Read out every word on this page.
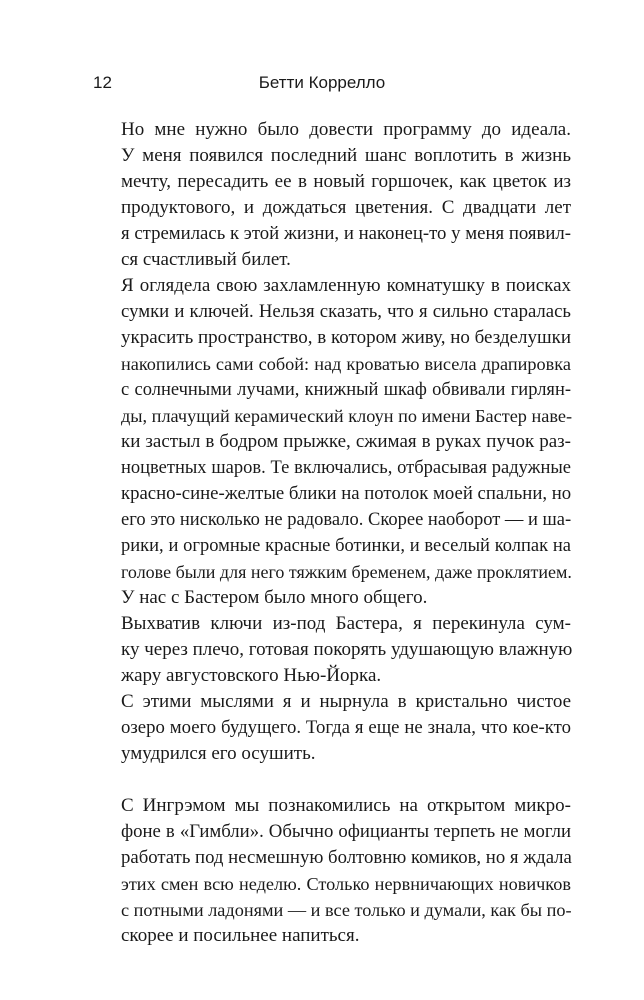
12	Бетти Коррелло

Но мне нужно было довести программу до идеала.
У меня появился последний шанс воплотить в жизнь
мечту, пересадить ее в новый горшочек, как цветок из
продуктового, и дождаться цветения. С двадцати лет
я стремилась к этой жизни, и наконец-то у меня появил-
ся счастливый билет.

Я оглядела свою захламленную комнатушку в поисках
сумки и ключей. Нельзя сказать, что я сильно старалась
украсить пространство, в котором живу, но безделушки
накопились сами собой: над кроватью висела драпировка
с солнечными лучами, книжный шкаф обвивали гирлян-
ды, плачущий керамический клоун по имени Бастер наве-
ки застыл в бодром прыжке, сжимая в руках пучок раз-
ноцветных шаров. Те включались, отбрасывая радужные
красно-сине-желтые блики на потолок моей спальни, но
его это нисколько не радовало. Скорее наоборот — и ша-
рики, и огромные красные ботинки, и веселый колпак на
голове были для него тяжким бременем, даже проклятием.

У нас с Бастером было много общего.

Выхватив ключи из-под Бастера, я перекинула сум-
ку через плечо, готовая покорять удушающую влажную
жару августовского Нью-Йорка.

С этими мыслями я и нырнула в кристально чистое
озеро моего будущего. Тогда я еще не знала, что кое-кто
умудрился его осушить.

С Ингрэмом мы познакомились на открытом микро-
фоне в «Гимбли». Обычно официанты терпеть не могли
работать под несмешную болтовню комиков, но я ждала
этих смен всю неделю. Столько нервничающих новичков
с потными ладонями — и все только и думали, как бы по-
скорее и посильнее напиться.
